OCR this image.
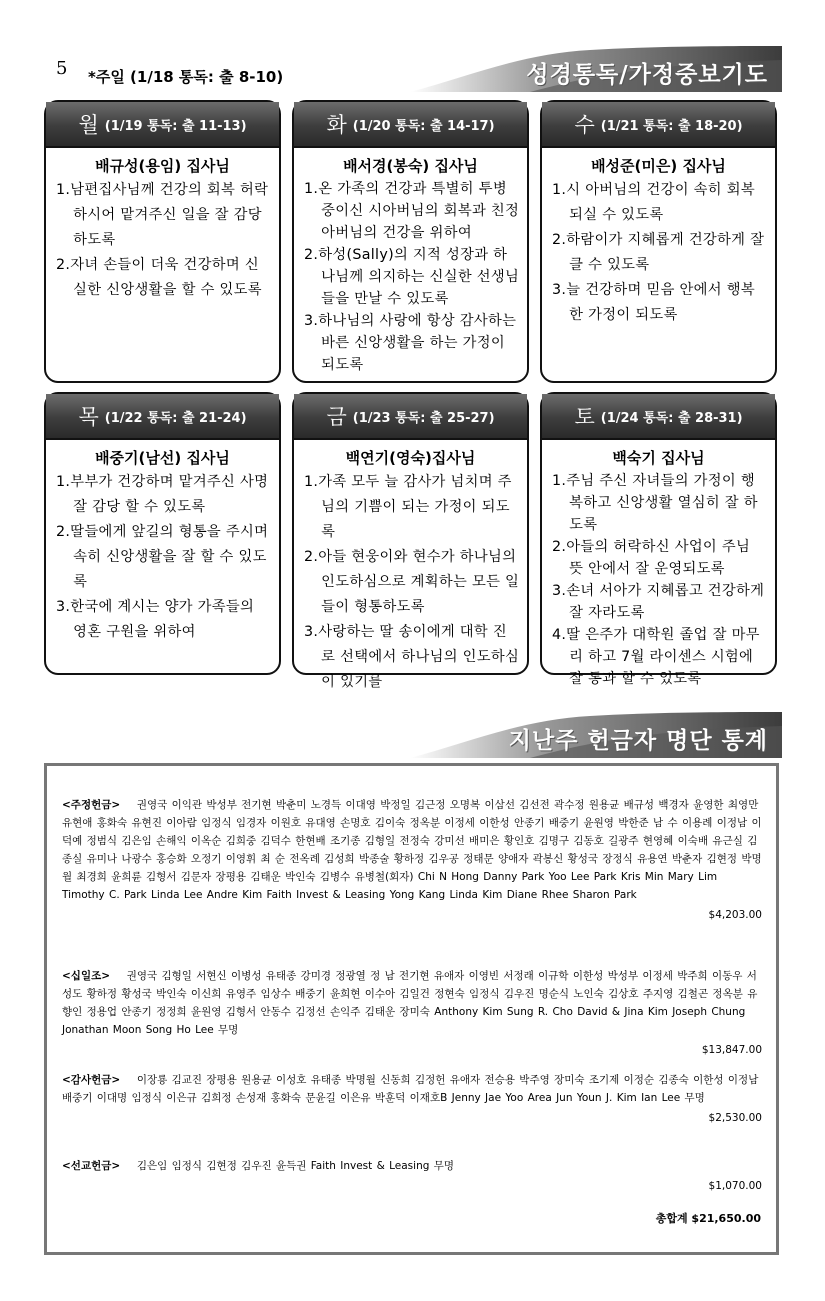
5 *주일 (1/18 통독: 출 8-10)	성경통독/가정중보기도
월 (1/19 통독: 출 11-13)
배규성(용임) 집사님
1.남편집사님께 건강의 회복 허락하시어 맡겨주신 일을 잘 감당하도록
2.자녀 손들이 더욱 건강하며 신실한 신앙생활을 할 수 있도록
화 (1/20 통독: 출 14-17)
배서경(봉숙) 집사님
1.온 가족의 건강과 특별히 투병 중이신 시아버님의 회복과 친정아버님의 건강을 위하여
2.하성(Sally)의 지적 성장과 하나님께 의지하는 신실한 선생님들을 만날 수 있도록
3.하나님의 사랑에 항상 감사하는 바른 신앙생활을 하는 가정이 되도록
수 (1/21 통독: 출 18-20)
배성준(미은) 집사님
1.시 아버님의 건강이 속히 회복 되실 수 있도록
2.하람이가 지혜롭게 건강하게 잘 클 수 있도록
3.늘 건강하며 믿음 안에서 행복한 가정이 되도록
목 (1/22 통독: 출 21-24)
배중기(남선) 집사님
1.부부가 건강하며 맡겨주신 사명 잘 감당 할 수 있도록
2.딸들에게 앞길의 형통을 주시며 속히 신앙생활을 잘 할 수 있도록
3.한국에 계시는 양가 가족들의 영혼 구원을 위하여
금 (1/23 통독: 출 25-27)
백연기(영숙)집사님
1.가족 모두 늘 감사가 넘치며 주님의 기쁨이 되는 가정이 되도록
2.아들 현웅이와 현수가 하나님의 인도하심으로 계획하는 모든 일들이 형통하도록
3.사랑하는 딸 송이에게 대학 진로 선택에서 하나님의 인도하심이 있기를
토 (1/24 통독: 출 28-31)
백숙기 집사님
1.주님 주신 자녀들의 가정이 행복하고 신앙생활 열심히 잘 하도록
2.아들의 허락하신 사업이 주님 뜻 안에서 잘 운영되도록
3.손녀 서아가 지혜롭고 건강하게 잘 자라도록
4.딸 은주가 대학원 졸업 잘 마무리 하고 7월 라이센스 시험에 잘 통과 할 수 있도록
지난주 헌금자 명단 통계
<주정헌금> 권영국 이익관 박성부 전기현 박춘미 노경득 이대영 박정일 김근정 오명복 이삼선 김선전 곽수정 원용균 배규성 백경자 윤영한 최영만 유현애 홍화숙 유현진 이아람 임정식 임경자 이원호 유대영 손명호 김이숙 정옥분 이정세 이한성 안종기 배중기 윤원영 박한준 남 수 이용례 이정남 이덕예 정범식 김은임 손해익 이옥순 김희중 김덕수 한현배 조기종 김형일 전정숙 강미선 배미은 황인호 김명구 김동호 길광주 현영혜 이숙배 유근실 김종실 유미나 나광수 홍승화 오정기 이영휘 최 순 전옥례 김성희 박종술 황하정 김우공 정태문 양애자 곽봉신 황성국 장정식 유용연 박춘자 김현정 박명월 최경희 윤희륜 김형서 김문자 장평용 김태운 박인숙 김병수 유병철(회자) Chi N Hong Danny Park Yoo Lee Park Kris Min Mary Lim Timothy C. Park Linda Lee Andre Kim Faith Invest & Leasing Yong Kang Linda Kim Diane Rhee Sharon Park
$4,203.00
<십일조> 권영국 김형일 서현신 이병성 유태종 강미경 정광열 정 남 전기현 유애자 이영빈 서정래 이규학 이한성 박성부 이정세 박주희 이동우 서성도 황하정 황성국 박인숙 이신희 유영주 임상수 배중기 윤희현 이수아 김일건 정현숙 임정식 김우진 명순식 노인숙 김상호 주지영 김철곤 정옥분 유향인 정용업 안종기 정정희 윤원영 김형서 안동수 김정선 손익주 김태운 장미숙 Anthony Kim Sung R. Cho David & Jina Kim Joseph Chung Jonathan Moon Song Ho Lee 무명
$13,847.00
<감사헌금> 이장룡 김교진 장평용 원용균 이성호 유태종 박명월 신동희 김정헌 유애자 전승용 박주영 장미숙 조기제 이정순 김종숙 이한성 이정남 배중기 이대명 임정식 이은규 김희정 손성재 홍화숙 문윤길 이은유 박훈덕 이재호B Jenny Jae Yoo Area Jun Youn J. Kim Ian Lee 무명
$2,530.00
<선교헌금> 김은임 임정식 김현정 김우진 윤득권 Faith Invest & Leasing 무명
$1,070.00
총합계 $21,650.00
